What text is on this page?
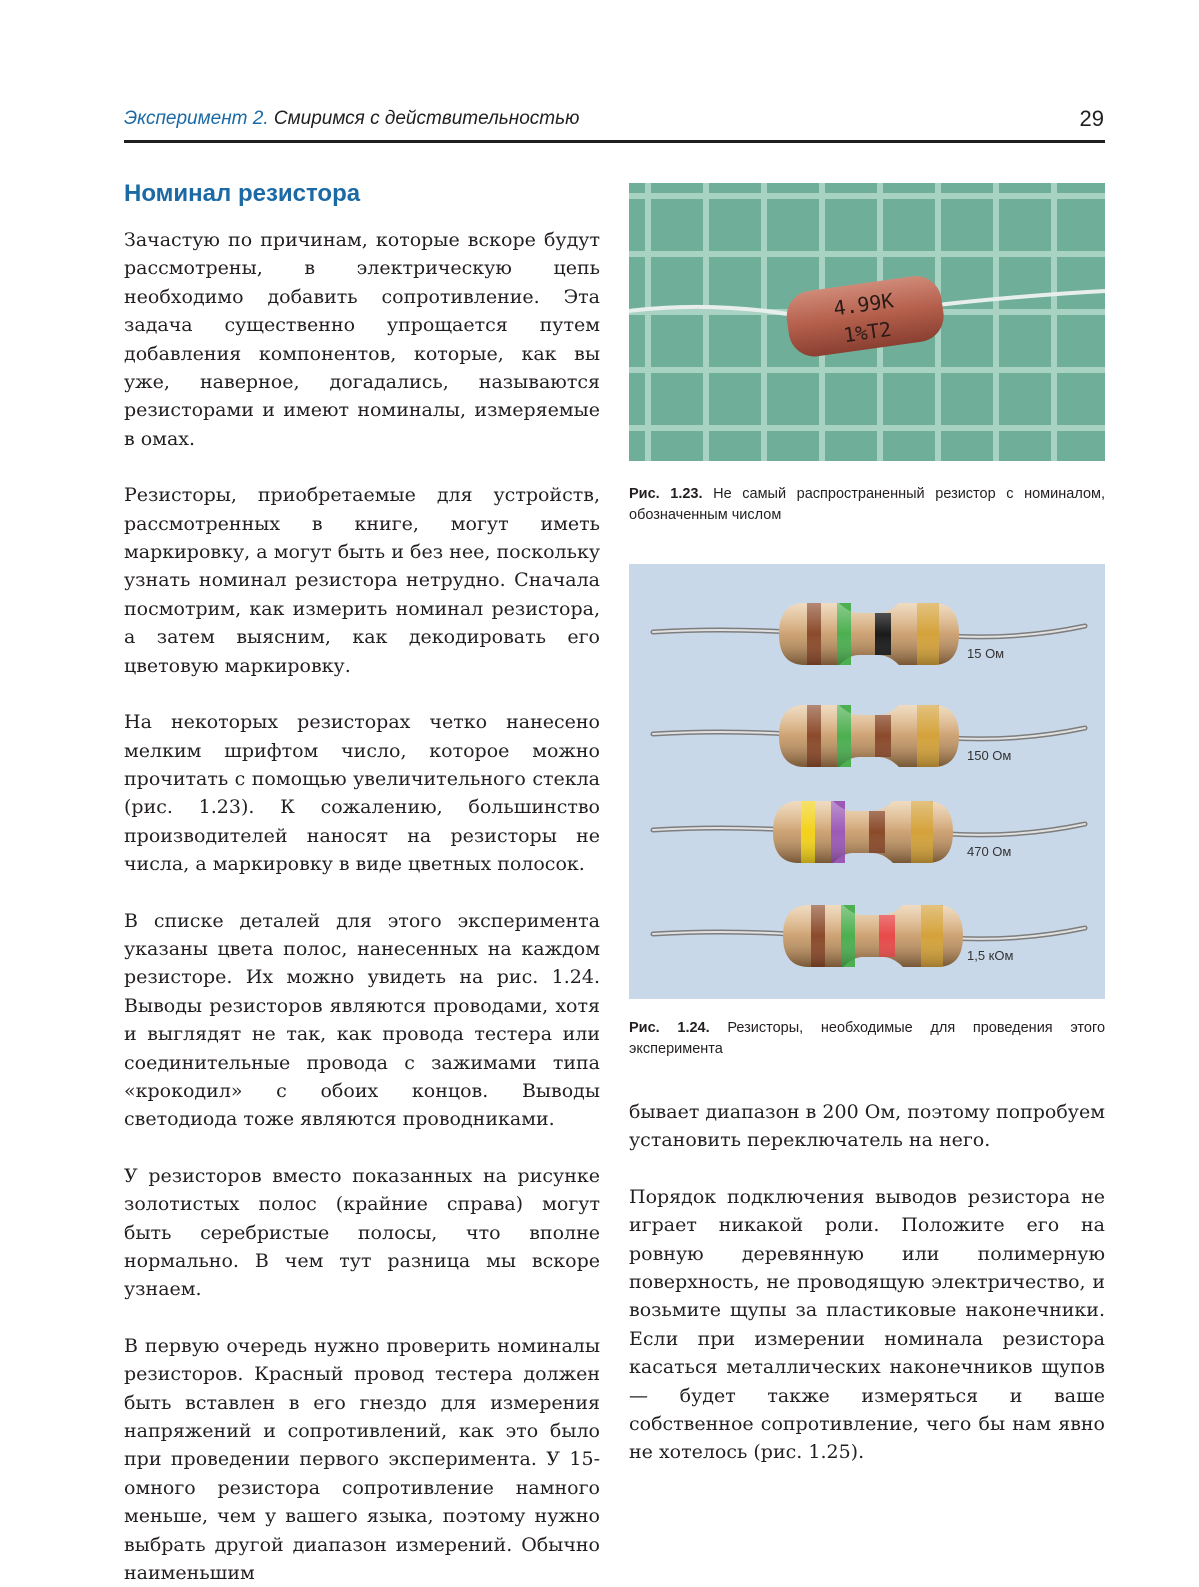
Эксперимент 2. Смиримся с действительностью	29
Номинал резистора

Зачастую по причинам, которые вскоре будут рассмотрены, в электрическую цепь необходимо добавить сопротивление. Эта задача существенно упрощается путем добавления компонентов, которые, как вы уже, наверное, догадались, называются резисторами и имеют номиналы, измеряемые в омах.

Резисторы, приобретаемые для устройств, рассмотренных в книге, могут иметь маркировку, а могут быть и без нее, поскольку узнать номинал резистора нетрудно. Сначала посмотрим, как измерить номинал резистора, а затем выясним, как декодировать его цветовую маркировку.

На некоторых резисторах четко нанесено мелким шрифтом число, которое можно прочитать с помощью увеличительного стекла (рис. 1.23). К сожалению, большинство производителей наносят на резисторы не числа, а маркировку в виде цветных полосок.

В списке деталей для этого эксперимента указаны цвета полос, нанесенных на каждом резисторе. Их можно увидеть на рис. 1.24. Выводы резисторов являются проводами, хотя и выглядят не так, как провода тестера или соединительные провода с зажимами типа «крокодил» с обоих концов. Выводы светодиода тоже являются проводниками.

У резисторов вместо показанных на рисунке золотистых полос (крайние справа) могут быть серебристые полосы, что вполне нормально. В чем тут разница мы вскоре узнаем.

В первую очередь нужно проверить номиналы резисторов. Красный провод тестера должен быть вставлен в его гнездо для измерения напряжений и сопротивлений, как это было при проведении первого эксперимента. У 15-омного резистора сопротивление намного меньше, чем у вашего языка, поэтому нужно выбрать другой диапазон измерений. Обычно наименьшим

4.99K
1%T2
Рис. 1.23. Не самый распространенный резистор с номиналом, обозначенным числом
15 Ом
150 Ом
470 Ом
1,5 кОм
Рис. 1.24. Резисторы, необходимые для проведения этого эксперимента

бывает диапазон в 200 Ом, поэтому попробуем установить переключатель на него.

Порядок подключения выводов резистора не играет никакой роли. Положите его на ровную деревянную или полимерную поверхность, не проводящую электричество, и возьмите щупы за пластиковые наконечники. Если при измерении номинала резистора касаться металлических наконечников щупов — будет также измеряться и ваше собственное сопротивление, чего бы нам явно не хотелось (рис. 1.25).
